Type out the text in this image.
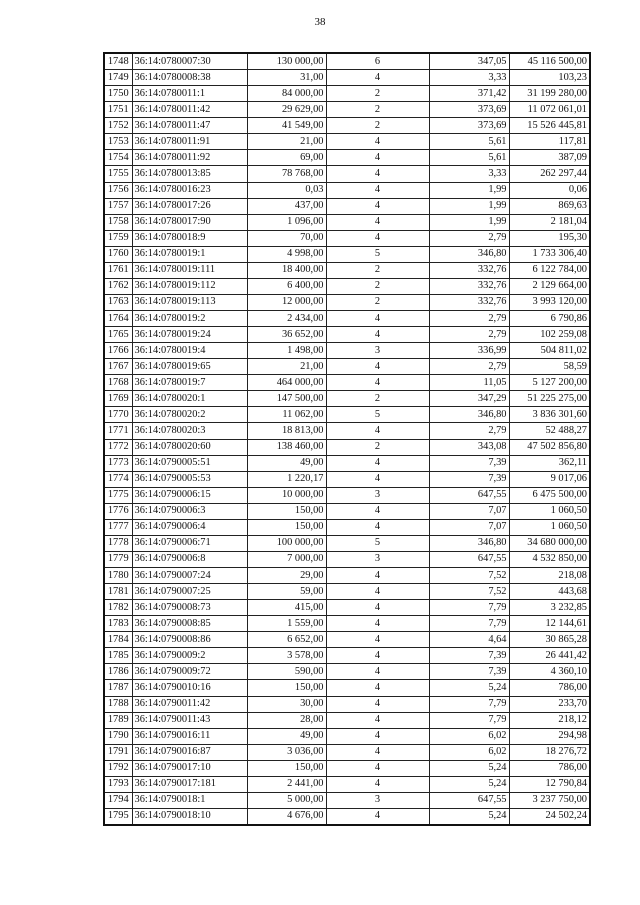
38
1748	36:14:0780007:30	130 000,00	6	347,05	45 116 500,00
1749	36:14:0780008:38	31,00	4	3,33	103,23
1750	36:14:0780011:1	84 000,00	2	371,42	31 199 280,00
1751	36:14:0780011:42	29 629,00	2	373,69	11 072 061,01
1752	36:14:0780011:47	41 549,00	2	373,69	15 526 445,81
1753	36:14:0780011:91	21,00	4	5,61	117,81
1754	36:14:0780011:92	69,00	4	5,61	387,09
1755	36:14:0780013:85	78 768,00	4	3,33	262 297,44
1756	36:14:0780016:23	0,03	4	1,99	0,06
1757	36:14:0780017:26	437,00	4	1,99	869,63
1758	36:14:0780017:90	1 096,00	4	1,99	2 181,04
1759	36:14:0780018:9	70,00	4	2,79	195,30
1760	36:14:0780019:1	4 998,00	5	346,80	1 733 306,40
1761	36:14:0780019:111	18 400,00	2	332,76	6 122 784,00
1762	36:14:0780019:112	6 400,00	2	332,76	2 129 664,00
1763	36:14:0780019:113	12 000,00	2	332,76	3 993 120,00
1764	36:14:0780019:2	2 434,00	4	2,79	6 790,86
1765	36:14:0780019:24	36 652,00	4	2,79	102 259,08
1766	36:14:0780019:4	1 498,00	3	336,99	504 811,02
1767	36:14:0780019:65	21,00	4	2,79	58,59
1768	36:14:0780019:7	464 000,00	4	11,05	5 127 200,00
1769	36:14:0780020:1	147 500,00	2	347,29	51 225 275,00
1770	36:14:0780020:2	11 062,00	5	346,80	3 836 301,60
1771	36:14:0780020:3	18 813,00	4	2,79	52 488,27
1772	36:14:0780020:60	138 460,00	2	343,08	47 502 856,80
1773	36:14:0790005:51	49,00	4	7,39	362,11
1774	36:14:0790005:53	1 220,17	4	7,39	9 017,06
1775	36:14:0790006:15	10 000,00	3	647,55	6 475 500,00
1776	36:14:0790006:3	150,00	4	7,07	1 060,50
1777	36:14:0790006:4	150,00	4	7,07	1 060,50
1778	36:14:0790006:71	100 000,00	5	346,80	34 680 000,00
1779	36:14:0790006:8	7 000,00	3	647,55	4 532 850,00
1780	36:14:0790007:24	29,00	4	7,52	218,08
1781	36:14:0790007:25	59,00	4	7,52	443,68
1782	36:14:0790008:73	415,00	4	7,79	3 232,85
1783	36:14:0790008:85	1 559,00	4	7,79	12 144,61
1784	36:14:0790008:86	6 652,00	4	4,64	30 865,28
1785	36:14:0790009:2	3 578,00	4	7,39	26 441,42
1786	36:14:0790009:72	590,00	4	7,39	4 360,10
1787	36:14:0790010:16	150,00	4	5,24	786,00
1788	36:14:0790011:42	30,00	4	7,79	233,70
1789	36:14:0790011:43	28,00	4	7,79	218,12
1790	36:14:0790016:11	49,00	4	6,02	294,98
1791	36:14:0790016:87	3 036,00	4	6,02	18 276,72
1792	36:14:0790017:10	150,00	4	5,24	786,00
1793	36:14:0790017:181	2 441,00	4	5,24	12 790,84
1794	36:14:0790018:1	5 000,00	3	647,55	3 237 750,00
1795	36:14:0790018:10	4 676,00	4	5,24	24 502,24
